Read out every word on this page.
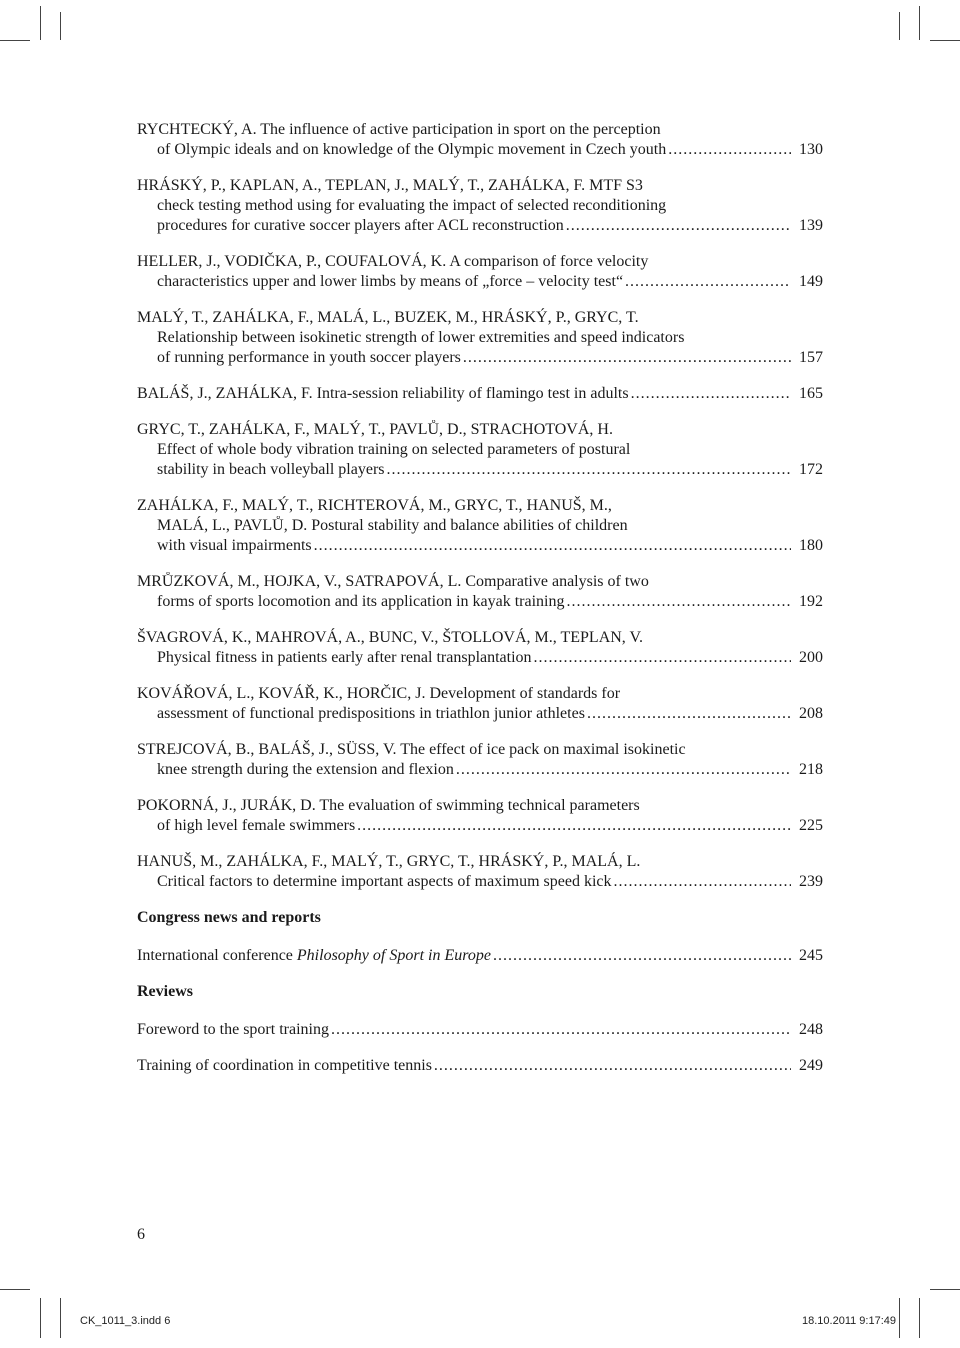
RYCHTECKÝ, A. The influence of active participation in sport on the perception
of Olympic ideals and on knowledge of the Olympic movement in Czech youth .....	130
HRÁSKÝ, P., KAPLAN, A., TEPLAN, J., MALÝ, T., ZAHÁLKA, F. MTF S3
check testing method using for evaluating the impact of selected reconditioning
procedures for curative soccer players after ACL reconstruction .....	139
HELLER, J., VODIČKA, P., COUFALOVÁ, K. A comparison of force velocity
characteristics upper and lower limbs by means of „force – velocity test“ .....	149
MALÝ, T., ZAHÁLKA, F., MALÁ, L., BUZEK, M., HRÁSKÝ, P., GRYC, T.
Relationship between isokinetic strength of lower extremities and speed indicators
of running performance in youth soccer players .....	157
BALÁŠ, J., ZAHÁLKA, F. Intra-session reliability of flamingo test in adults .....	165
GRYC, T., ZAHÁLKA, F., MALÝ, T., PAVLŮ, D., STRACHOTOVÁ, H.
Effect of whole body vibration training on selected parameters of postural
stability in beach volleyball players .....	172
ZAHÁLKA, F., MALÝ, T., RICHTEROVÁ, M., GRYC, T., HANUŠ, M.,
MALÁ, L., PAVLŮ, D. Postural stability and balance abilities of children
with visual impairments .....	180
MRŮZKOVÁ, M., HOJKA, V., SATRAPOVÁ, L. Comparative analysis of two
forms of sports locomotion and its application in kayak training .....	192
ŠVAGROVÁ, K., MAHROVÁ, A., BUNC, V., ŠTOLLOVÁ, M., TEPLAN, V.
Physical fitness in patients early after renal transplantation .....	200
KOVÁŘOVÁ, L., KOVÁŘ, K., HORČIC, J. Development of standards for
assessment of functional predispositions in triathlon junior athletes .....	208
STREJCOVÁ, B., BALÁŠ, J., SÜSS, V. The effect of ice pack on maximal isokinetic
knee strength during the extension and flexion .....	218
POKORNÁ, J., JURÁK, D. The evaluation of swimming technical parameters
of high level female swimmers .....	225
HANUŠ, M., ZAHÁLKA, F., MALÝ, T., GRYC, T., HRÁSKÝ, P., MALÁ, L.
Critical factors to determine important aspects of maximum speed kick .....	239
Congress news and reports
International conference Philosophy of Sport in Europe .....	245
Reviews
Foreword to the sport training .....	248
Training of coordination in competitive tennis .....	249
6
CK_1011_3.indd 6	18.10.2011 9:17:49
